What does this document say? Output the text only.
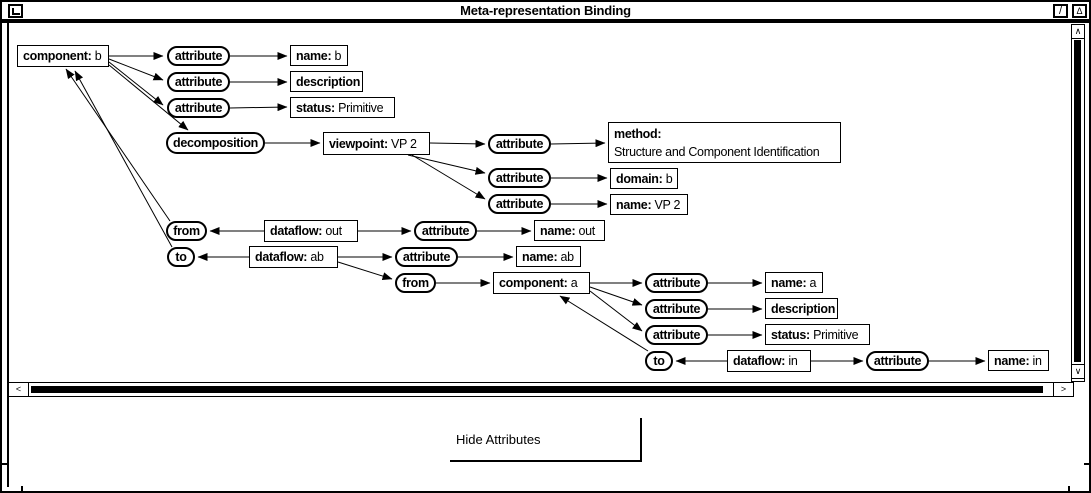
Meta-representation Binding	/	Δ
component: b	attribute	name: b
attribute	description
attribute	status: Primitive
decomposition	viewpoint: VP 2	attribute
method:
Structure and Component Identification
attribute	domain: b
attribute	name: VP 2
from	dataflow: out	attribute	name: out
to	dataflow: ab	attribute	name: ab
from	component: a	attribute	name: a
attribute	description
attribute	status: Primitive
to	dataflow: in	attribute	name: in
∧
∨
<	>
Hide Attributes
